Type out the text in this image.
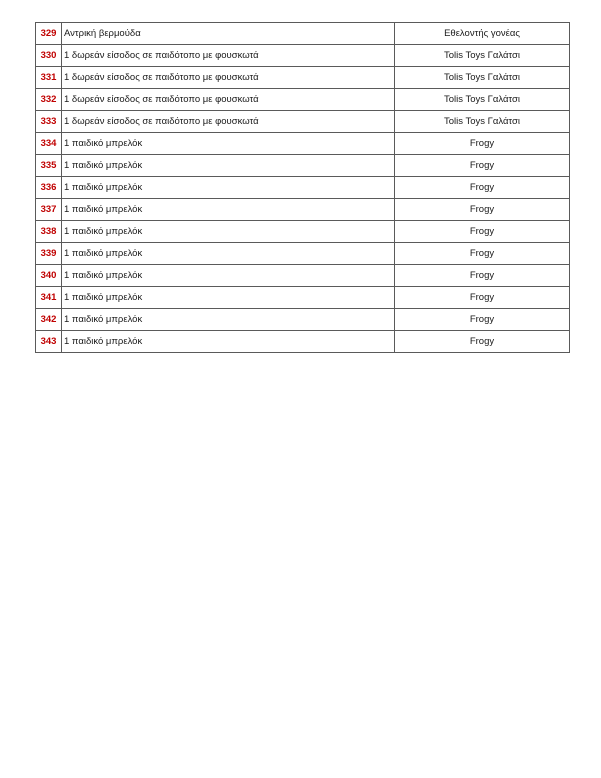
329	Αντρική βερμούδα	Εθελοντής γονέας
330	1 δωρεάν είσοδος σε παιδότοπο με φουσκωτά	Tolis Toys Γαλάτσι
331	1 δωρεάν είσοδος σε παιδότοπο με φουσκωτά	Tolis Toys Γαλάτσι
332	1 δωρεάν είσοδος σε παιδότοπο με φουσκωτά	Tolis Toys Γαλάτσι
333	1 δωρεάν είσοδος σε παιδότοπο με φουσκωτά	Tolis Toys Γαλάτσι
334	1 παιδικό μπρελόκ	Frogy
335	1 παιδικό μπρελόκ	Frogy
336	1 παιδικό μπρελόκ	Frogy
337	1 παιδικό μπρελόκ	Frogy
338	1 παιδικό μπρελόκ	Frogy
339	1 παιδικό μπρελόκ	Frogy
340	1 παιδικό μπρελόκ	Frogy
341	1 παιδικό μπρελόκ	Frogy
342	1 παιδικό μπρελόκ	Frogy
343	1 παιδικό μπρελόκ	Frogy
